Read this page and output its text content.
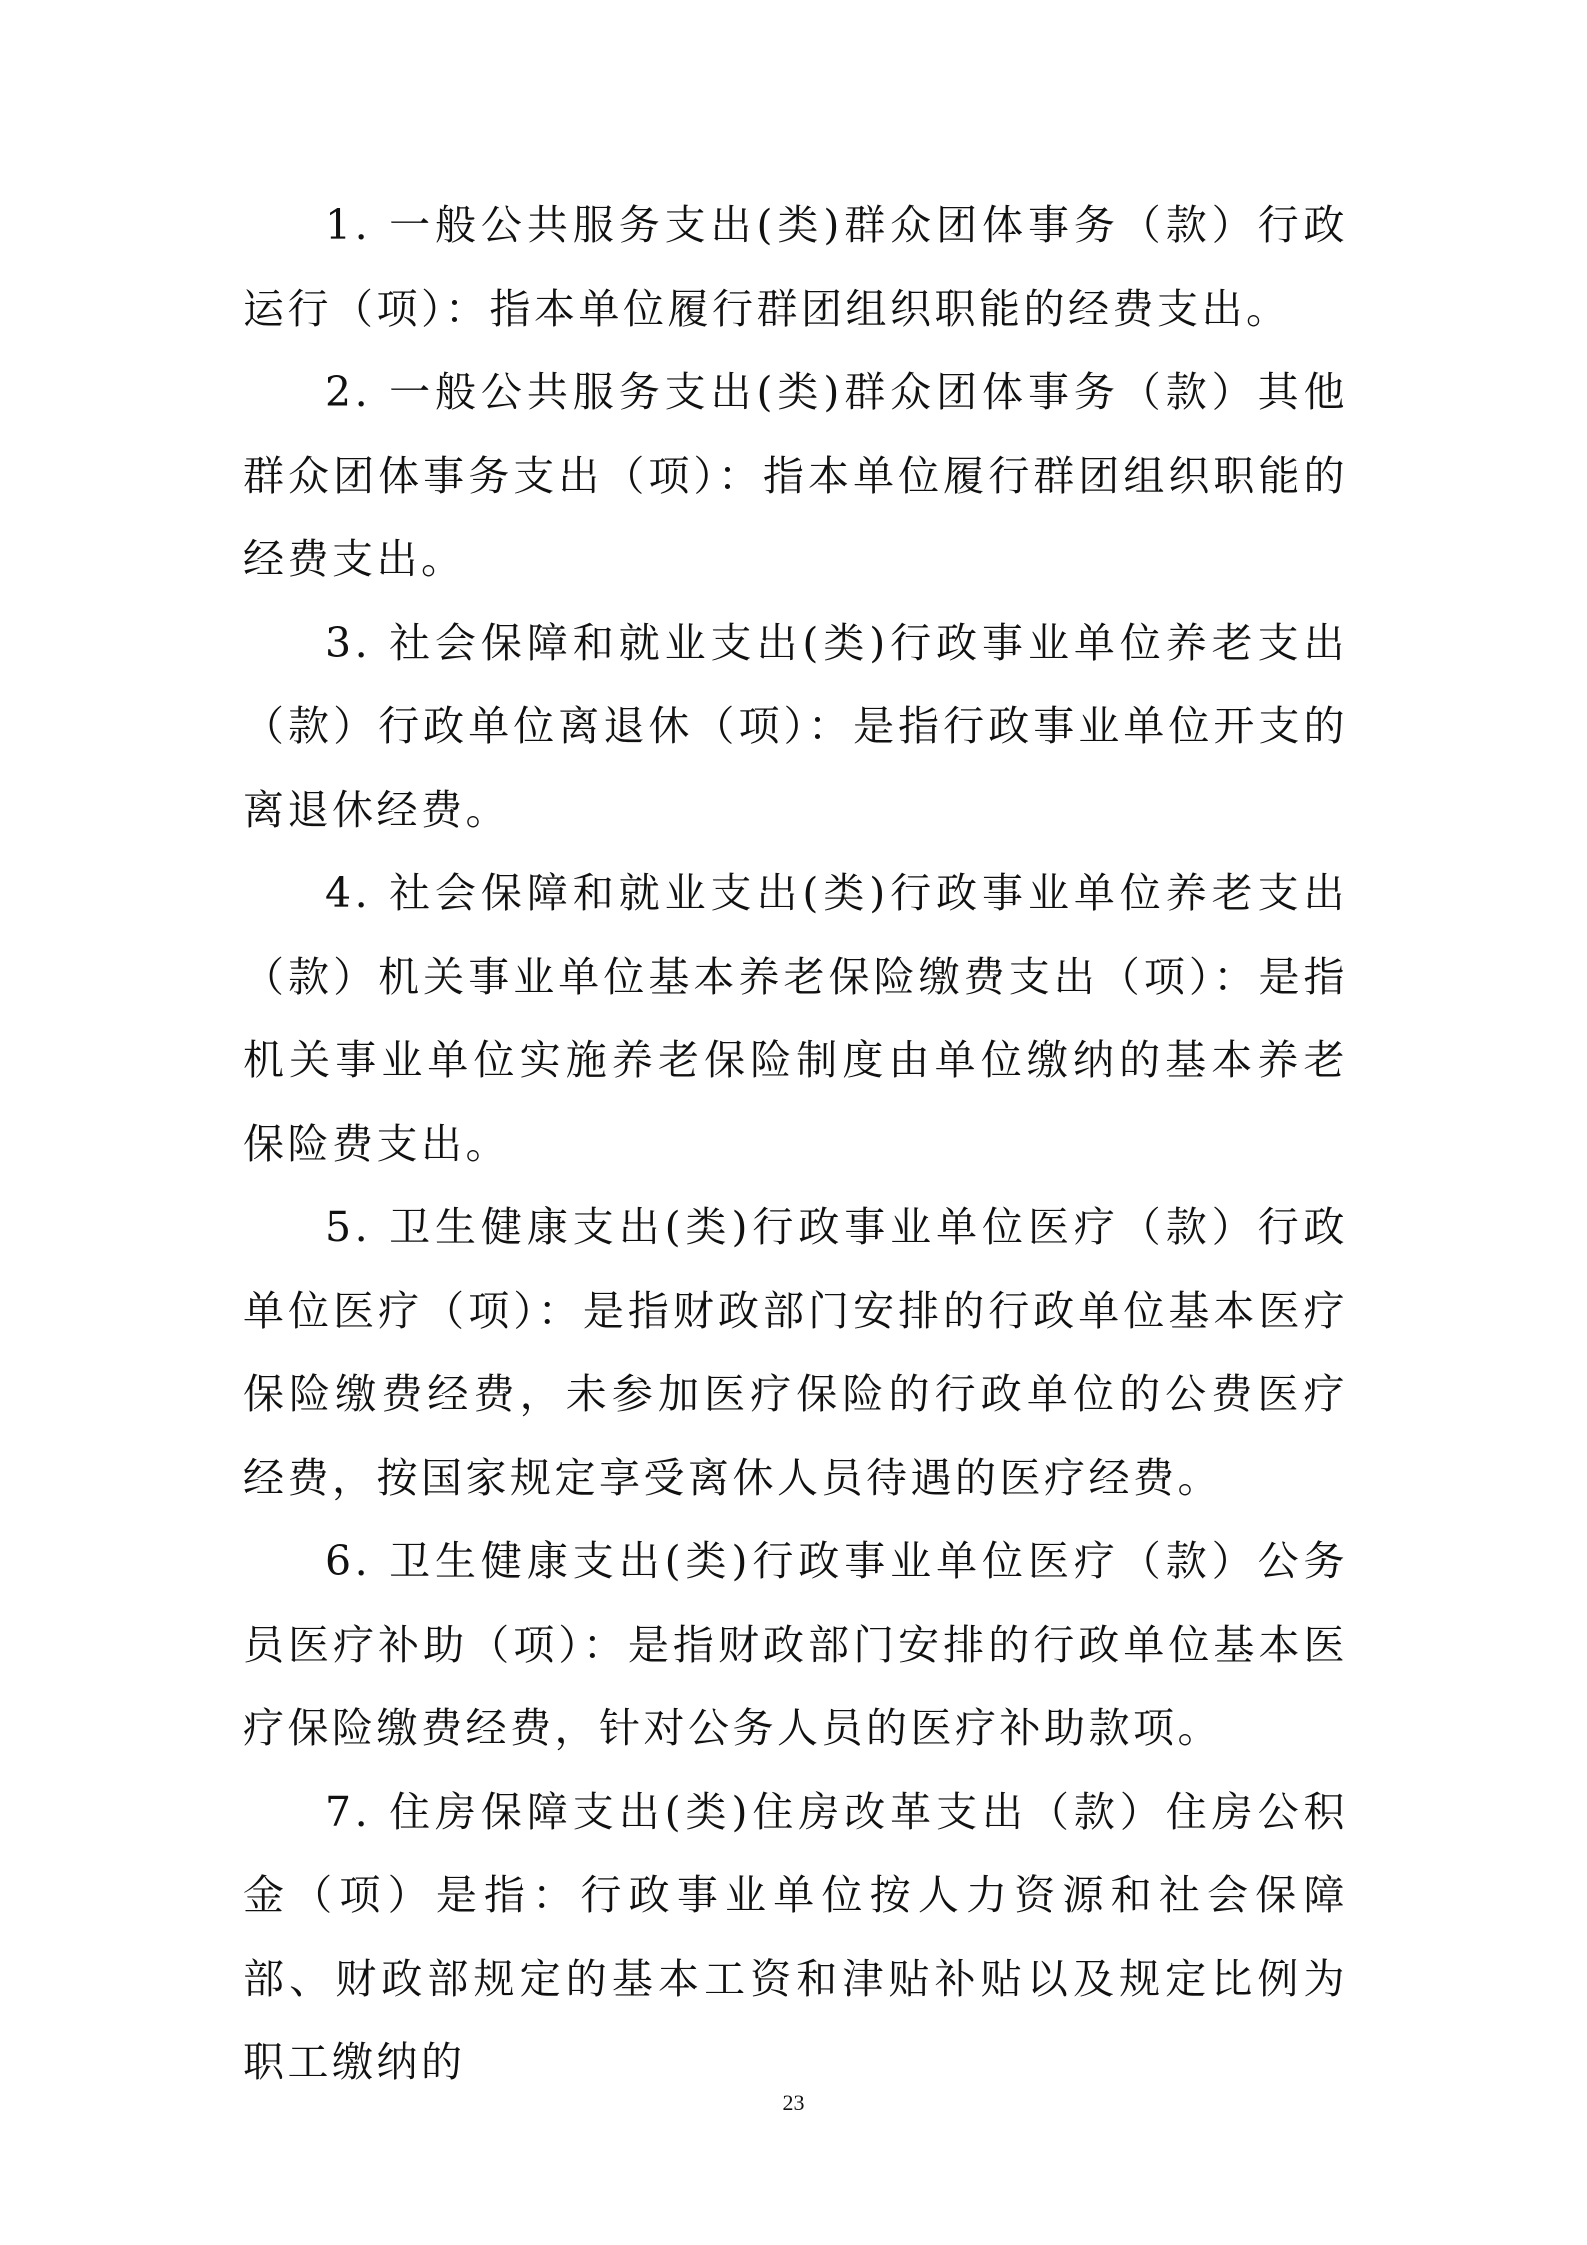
1. 一般公共服务支出(类)群众团体事务（款）行政运行（项）：指本单位履行群团组织职能的经费支出。

2. 一般公共服务支出(类)群众团体事务（款）其他群众团体事务支出（项）：指本单位履行群团组织职能的经费支出。

3. 社会保障和就业支出(类)行政事业单位养老支出（款）行政单位离退休（项）：是指行政事业单位开支的离退休经费。

4. 社会保障和就业支出(类)行政事业单位养老支出（款）机关事业单位基本养老保险缴费支出（项）：是指机关事业单位实施养老保险制度由单位缴纳的基本养老保险费支出。

5. 卫生健康支出(类)行政事业单位医疗（款）行政单位医疗（项）：是指财政部门安排的行政单位基本医疗保险缴费经费，未参加医疗保险的行政单位的公费医疗经费，按国家规定享受离休人员待遇的医疗经费。

6. 卫生健康支出(类)行政事业单位医疗（款）公务员医疗补助（项）：是指财政部门安排的行政单位基本医疗保险缴费经费，针对公务人员的医疗补助款项。

7. 住房保障支出(类)住房改革支出（款）住房公积金（项）是指：行政事业单位按人力资源和社会保障部、财政部规定的基本工资和津贴补贴以及规定比例为职工缴纳的

23
